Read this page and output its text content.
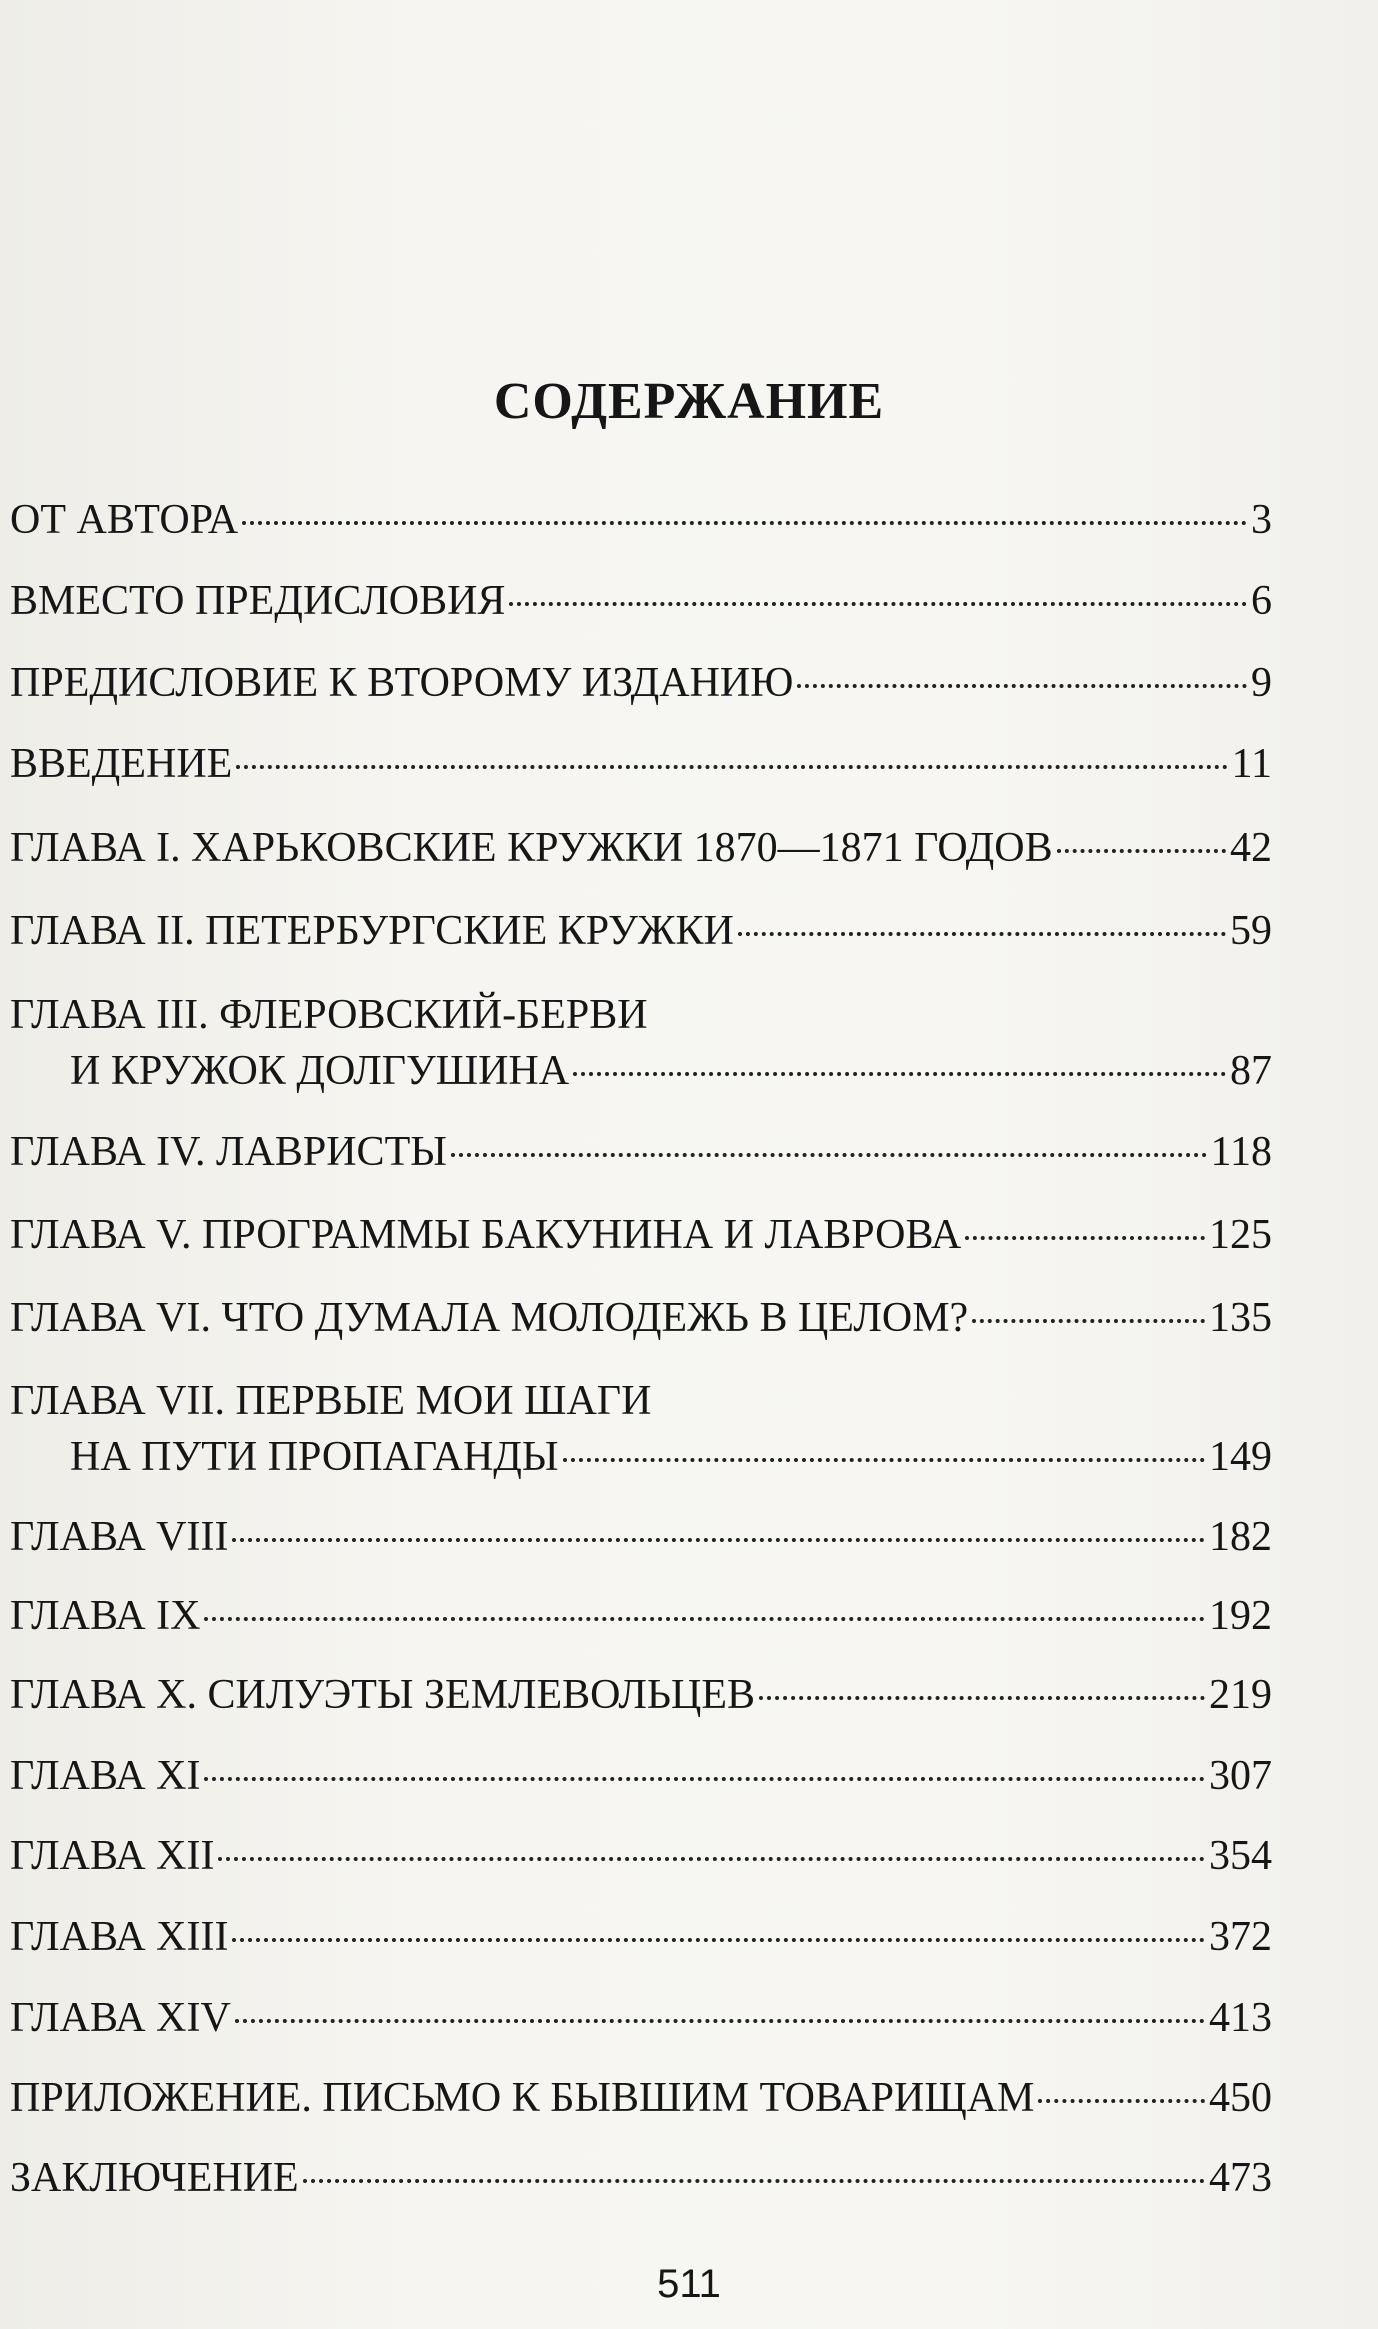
СОДЕРЖАНИЕ
ОТ АВТОРА	3
ВМЕСТО ПРЕДИСЛОВИЯ	6
ПРЕДИСЛОВИЕ К ВТОРОМУ ИЗДАНИЮ	9
ВВЕДЕНИЕ	11
ГЛАВА I. ХАРЬКОВСКИЕ КРУЖКИ 1870—1871 ГОДОВ	42
ГЛАВА II. ПЕТЕРБУРГСКИЕ КРУЖКИ	59
ГЛАВА III. ФЛЕРОВСКИЙ-БЕРВИ
И КРУЖОК ДОЛГУШИНА	87
ГЛАВА IV. ЛАВРИСТЫ	118
ГЛАВА V. ПРОГРАММЫ БАКУНИНА И ЛАВРОВА	125
ГЛАВА VI. ЧТО ДУМАЛА МОЛОДЕЖЬ В ЦЕЛОМ?	135
ГЛАВА VII. ПЕРВЫЕ МОИ ШАГИ
НА ПУТИ ПРОПАГАНДЫ	149
ГЛАВА VIII	182
ГЛАВА IX	192
ГЛАВА X. СИЛУЭТЫ ЗЕМЛЕВОЛЬЦЕВ	219
ГЛАВА XI	307
ГЛАВА XII	354
ГЛАВА XIII	372
ГЛАВА XIV	413
ПРИЛОЖЕНИЕ. ПИСЬМО К БЫВШИМ ТОВАРИЩАМ	450
ЗАКЛЮЧЕНИЕ	473
511
